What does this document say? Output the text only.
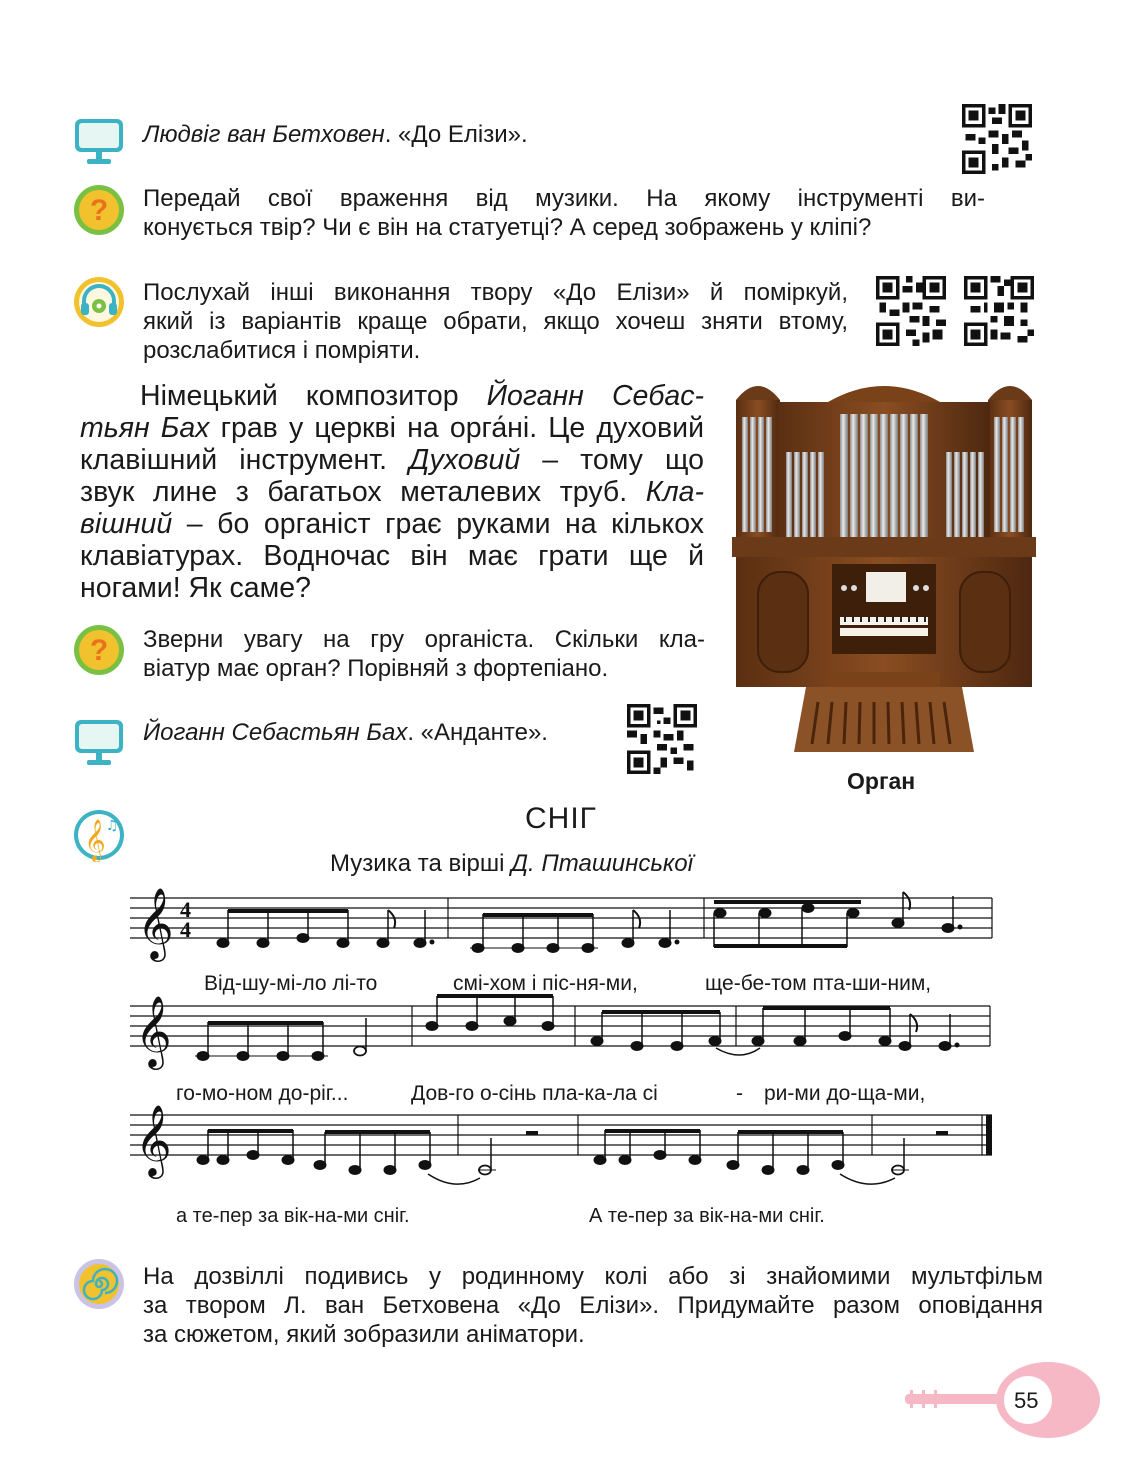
Людвіг ван Бетховен. «До Елізи».
? Передай свої враження від музики. На якому інструменті ви-
конується твір? Чи є він на статуетці? А серед зображень у кліпі?
Послухай інші виконання твору «До Елізи» й поміркуй,
який із варіантів краще обрати, якщо хочеш зняти втому,
розслабитися і помріяти.
Німецький композитор Йоганн Себас-
тьян Бах грав у церкві на орга́ні. Це духовий
клавішний інструмент. Духовий – тому що
звук лине з багатьох металевих труб. Кла-
вішний – бо органіст грає руками на кількох
клавіатурах. Водночас він має грати ще й
ногами! Як саме?
Орган
? Зверни увагу на гру органіста. Скільки кла-
віатур має орган? Порівняй з фортепіано.
Йоганн Себастьян Бах. «Анданте».
𝄞 ♫	СНІГ
Музика та вірші Д. Пташинської
𝄞 4
4
𝄞
𝄞
Від-шу-мі-ло лі-то	смі-хом і піс-ня-ми,	ще-бе-том пта-ши-ним,
го-мо-ном до-ріг...	Дов-го о-сінь пла-ка-ла сі	- ри-ми до-ща-ми,
а те-пер за вік-на-ми сніг.	А те-пер за вік-на-ми сніг.
На дозвіллі подивись у родинному колі або зі знайомими мультфільм
за твором Л. ван Бетховена «До Елізи». Придумайте разом оповідання
за сюжетом, який зобразили аніматори.
55
